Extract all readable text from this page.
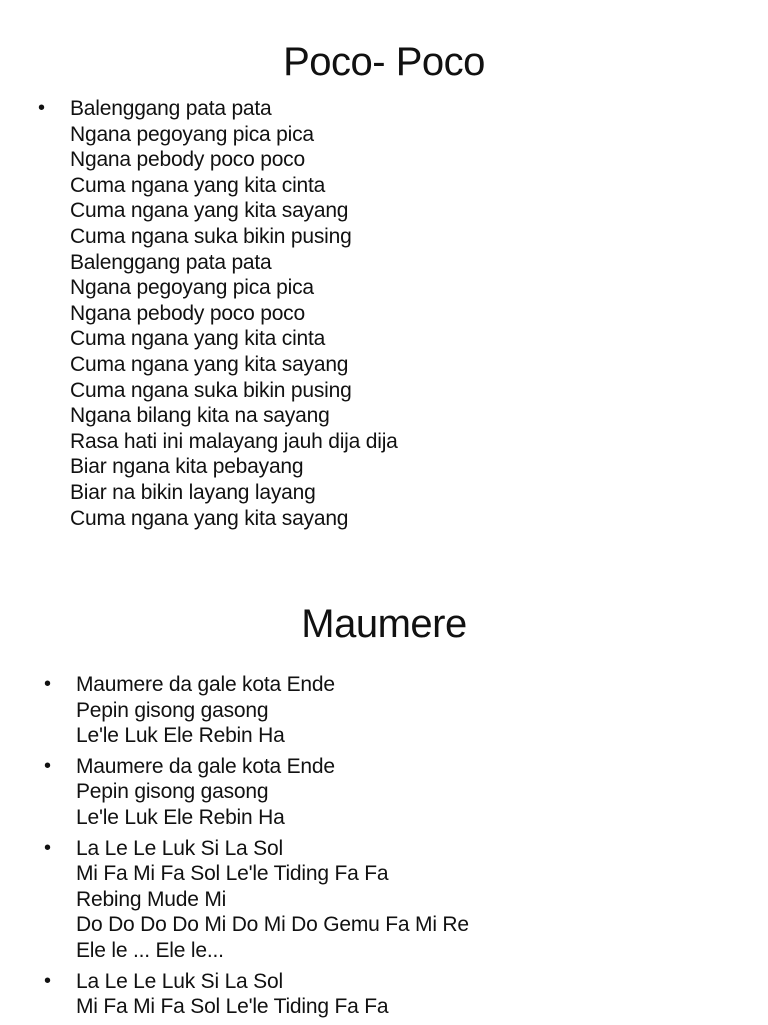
Poco- Poco
• Balenggang pata pata
Ngana pegoyang pica pica
Ngana pebody poco poco
Cuma ngana yang kita cinta
Cuma ngana yang kita sayang
Cuma ngana suka bikin pusing
Balenggang pata pata
Ngana pegoyang pica pica
Ngana pebody poco poco
Cuma ngana yang kita cinta
Cuma ngana yang kita sayang
Cuma ngana suka bikin pusing
Ngana bilang kita na sayang
Rasa hati ini malayang jauh dija dija
Biar ngana kita pebayang
Biar na bikin layang layang
Cuma ngana yang kita sayang
Maumere
• Maumere da gale kota Ende
Pepin gisong gasong
Le'le Luk Ele Rebin Ha
• Maumere da gale kota Ende
Pepin gisong gasong
Le'le Luk Ele Rebin Ha
• La Le Le Luk Si La Sol
Mi Fa Mi Fa Sol Le'le Tiding Fa Fa
Rebing Mude Mi
Do Do Do Do Mi Do Mi Do Gemu Fa Mi Re
Ele le ... Ele le...
• La Le Le Luk Si La Sol
Mi Fa Mi Fa Sol Le'le Tiding Fa Fa
